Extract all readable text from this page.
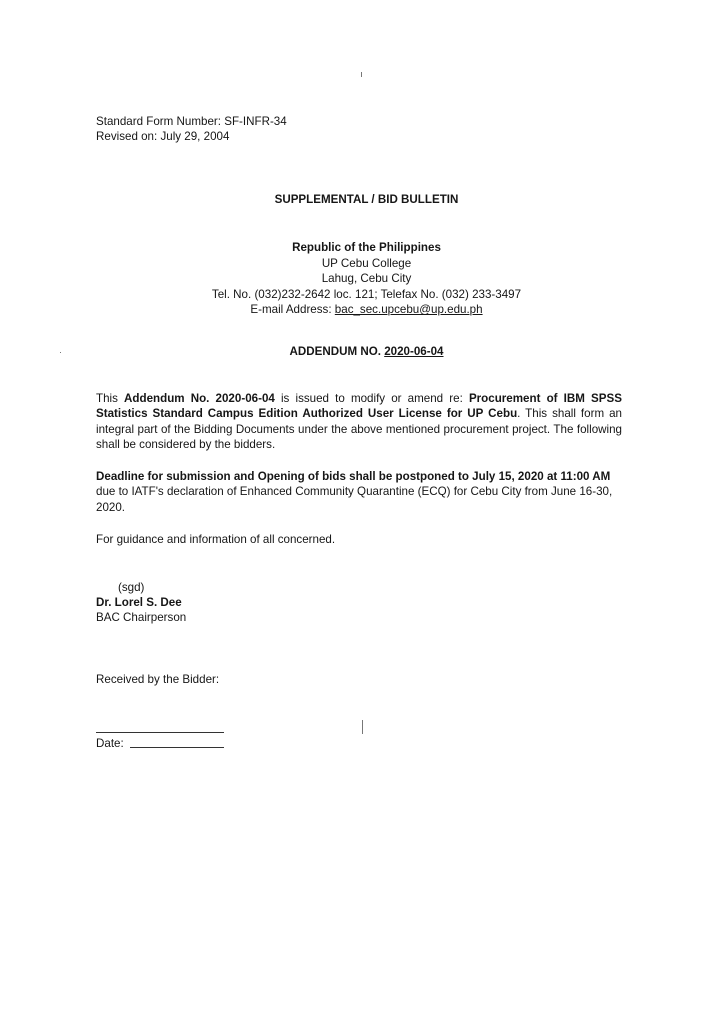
Standard Form Number: SF-INFR-34
Revised on: July 29, 2004
SUPPLEMENTAL / BID BULLETIN
Republic of the Philippines
UP Cebu College
Lahug, Cebu City
Tel. No. (032)232-2642 loc. 121; Telefax No. (032) 233-3497
E-mail Address: bac_sec.upcebu@up.edu.ph
ADDENDUM NO. 2020-06-04
This Addendum No. 2020-06-04 is issued to modify or amend re: Procurement of IBM SPSS Statistics Standard Campus Edition Authorized User License for UP Cebu. This shall form an integral part of the Bidding Documents under the above mentioned procurement project. The following shall be considered by the bidders.
Deadline for submission and Opening of bids shall be postponed to July 15, 2020 at 11:00 AM
due to IATF's declaration of Enhanced Community Quarantine (ECQ) for Cebu City from June 16-30, 2020.
For guidance and information of all concerned.
(sgd)
Dr. Lorel S. Dee
BAC Chairperson
Received by the Bidder:
Date:
